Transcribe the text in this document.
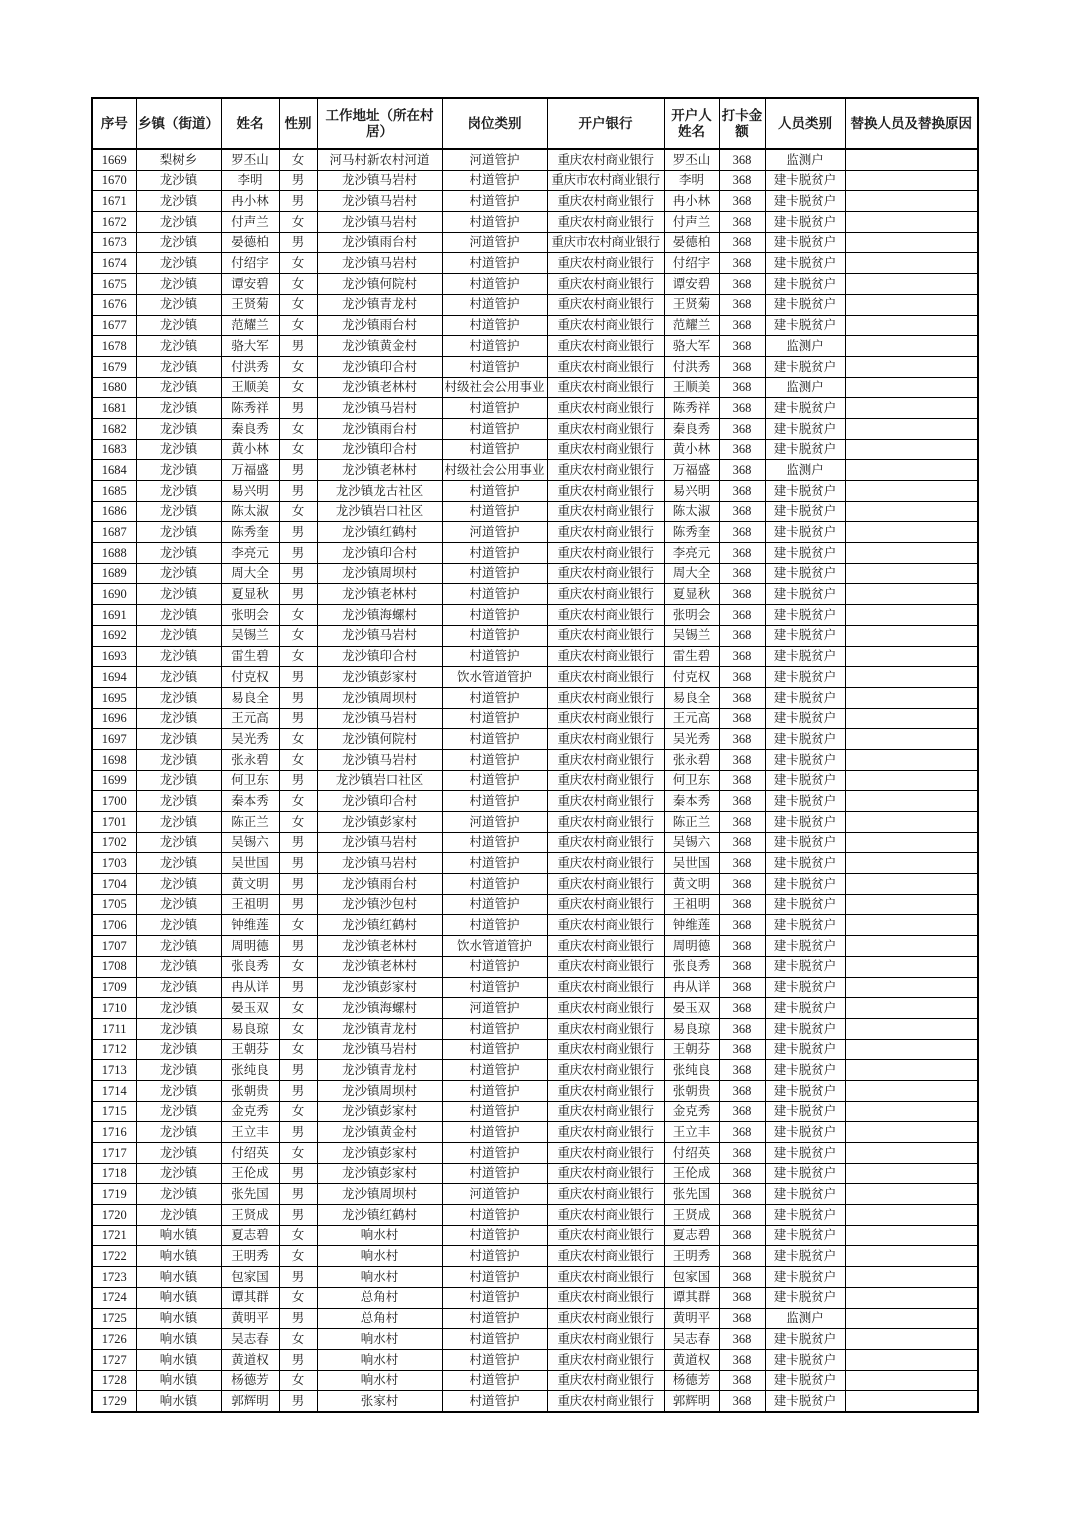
序号	乡镇（街道）	姓名	性别	工作地址（所在村居）	岗位类别	开户银行	开户人姓名	打卡金额	人员类别	替换人员及替换原因
1669	梨树乡	罗丕山	女	河马村新农村河道	河道管护	重庆农村商业银行	罗丕山	368	监测户	
1670	龙沙镇	李明	男	龙沙镇马岩村	村道管护	重庆市农村商业银行	李明	368	建卡脱贫户	
1671	龙沙镇	冉小林	男	龙沙镇马岩村	村道管护	重庆农村商业银行	冉小林	368	建卡脱贫户	
1672	龙沙镇	付声兰	女	龙沙镇马岩村	村道管护	重庆农村商业银行	付声兰	368	建卡脱贫户	
1673	龙沙镇	晏德柏	男	龙沙镇雨台村	河道管护	重庆市农村商业银行	晏德柏	368	建卡脱贫户	
1674	龙沙镇	付绍宇	女	龙沙镇马岩村	村道管护	重庆农村商业银行	付绍宇	368	建卡脱贫户	
1675	龙沙镇	谭安碧	女	龙沙镇何院村	村道管护	重庆农村商业银行	谭安碧	368	建卡脱贫户	
1676	龙沙镇	王贤菊	女	龙沙镇青龙村	村道管护	重庆农村商业银行	王贤菊	368	建卡脱贫户	
1677	龙沙镇	范耀兰	女	龙沙镇雨台村	村道管护	重庆农村商业银行	范耀兰	368	建卡脱贫户	
1678	龙沙镇	骆大军	男	龙沙镇黄金村	村道管护	重庆农村商业银行	骆大军	368	监测户	
1679	龙沙镇	付洪秀	女	龙沙镇印合村	村道管护	重庆农村商业银行	付洪秀	368	建卡脱贫户	
1680	龙沙镇	王顺美	女	龙沙镇老林村	村级社会公用事业	重庆农村商业银行	王顺美	368	监测户	
1681	龙沙镇	陈秀祥	男	龙沙镇马岩村	村道管护	重庆农村商业银行	陈秀祥	368	建卡脱贫户	
1682	龙沙镇	秦良秀	女	龙沙镇雨台村	村道管护	重庆农村商业银行	秦良秀	368	建卡脱贫户	
1683	龙沙镇	黄小林	女	龙沙镇印合村	村道管护	重庆农村商业银行	黄小林	368	建卡脱贫户	
1684	龙沙镇	万福盛	男	龙沙镇老林村	村级社会公用事业	重庆农村商业银行	万福盛	368	监测户	
1685	龙沙镇	易兴明	男	龙沙镇龙古社区	村道管护	重庆农村商业银行	易兴明	368	建卡脱贫户	
1686	龙沙镇	陈太淑	女	龙沙镇岩口社区	村道管护	重庆农村商业银行	陈太淑	368	建卡脱贫户	
1687	龙沙镇	陈秀奎	男	龙沙镇红鹤村	河道管护	重庆农村商业银行	陈秀奎	368	建卡脱贫户	
1688	龙沙镇	李亮元	男	龙沙镇印合村	村道管护	重庆农村商业银行	李亮元	368	建卡脱贫户	
1689	龙沙镇	周大全	男	龙沙镇周坝村	村道管护	重庆农村商业银行	周大全	368	建卡脱贫户	
1690	龙沙镇	夏显秋	男	龙沙镇老林村	村道管护	重庆农村商业银行	夏显秋	368	建卡脱贫户	
1691	龙沙镇	张明会	女	龙沙镇海螺村	村道管护	重庆农村商业银行	张明会	368	建卡脱贫户	
1692	龙沙镇	吴锡兰	女	龙沙镇马岩村	村道管护	重庆农村商业银行	吴锡兰	368	建卡脱贫户	
1693	龙沙镇	雷生碧	女	龙沙镇印合村	村道管护	重庆农村商业银行	雷生碧	368	建卡脱贫户	
1694	龙沙镇	付克权	男	龙沙镇彭家村	饮水管道管护	重庆农村商业银行	付克权	368	建卡脱贫户	
1695	龙沙镇	易良全	男	龙沙镇周坝村	村道管护	重庆农村商业银行	易良全	368	建卡脱贫户	
1696	龙沙镇	王元高	男	龙沙镇马岩村	村道管护	重庆农村商业银行	王元高	368	建卡脱贫户	
1697	龙沙镇	吴光秀	女	龙沙镇何院村	村道管护	重庆农村商业银行	吴光秀	368	建卡脱贫户	
1698	龙沙镇	张永碧	女	龙沙镇马岩村	村道管护	重庆农村商业银行	张永碧	368	建卡脱贫户	
1699	龙沙镇	何卫东	男	龙沙镇岩口社区	村道管护	重庆农村商业银行	何卫东	368	建卡脱贫户	
1700	龙沙镇	秦本秀	女	龙沙镇印合村	村道管护	重庆农村商业银行	秦本秀	368	建卡脱贫户	
1701	龙沙镇	陈正兰	女	龙沙镇彭家村	河道管护	重庆农村商业银行	陈正兰	368	建卡脱贫户	
1702	龙沙镇	吴锡六	男	龙沙镇马岩村	村道管护	重庆农村商业银行	吴锡六	368	建卡脱贫户	
1703	龙沙镇	吴世国	男	龙沙镇马岩村	村道管护	重庆农村商业银行	吴世国	368	建卡脱贫户	
1704	龙沙镇	黄文明	男	龙沙镇雨台村	村道管护	重庆农村商业银行	黄文明	368	建卡脱贫户	
1705	龙沙镇	王祖明	男	龙沙镇沙包村	村道管护	重庆农村商业银行	王祖明	368	建卡脱贫户	
1706	龙沙镇	钟维莲	女	龙沙镇红鹤村	村道管护	重庆农村商业银行	钟维莲	368	建卡脱贫户	
1707	龙沙镇	周明德	男	龙沙镇老林村	饮水管道管护	重庆农村商业银行	周明德	368	建卡脱贫户	
1708	龙沙镇	张良秀	女	龙沙镇老林村	村道管护	重庆农村商业银行	张良秀	368	建卡脱贫户	
1709	龙沙镇	冉从详	男	龙沙镇彭家村	村道管护	重庆农村商业银行	冉从详	368	建卡脱贫户	
1710	龙沙镇	晏玉双	女	龙沙镇海螺村	河道管护	重庆农村商业银行	晏玉双	368	建卡脱贫户	
1711	龙沙镇	易良琼	女	龙沙镇青龙村	村道管护	重庆农村商业银行	易良琼	368	建卡脱贫户	
1712	龙沙镇	王朝芬	女	龙沙镇马岩村	村道管护	重庆农村商业银行	王朝芬	368	建卡脱贫户	
1713	龙沙镇	张纯良	男	龙沙镇青龙村	村道管护	重庆农村商业银行	张纯良	368	建卡脱贫户	
1714	龙沙镇	张朝贵	男	龙沙镇周坝村	村道管护	重庆农村商业银行	张朝贵	368	建卡脱贫户	
1715	龙沙镇	金克秀	女	龙沙镇彭家村	村道管护	重庆农村商业银行	金克秀	368	建卡脱贫户	
1716	龙沙镇	王立丰	男	龙沙镇黄金村	村道管护	重庆农村商业银行	王立丰	368	建卡脱贫户	
1717	龙沙镇	付绍英	女	龙沙镇彭家村	村道管护	重庆农村商业银行	付绍英	368	建卡脱贫户	
1718	龙沙镇	王伦成	男	龙沙镇彭家村	村道管护	重庆农村商业银行	王伦成	368	建卡脱贫户	
1719	龙沙镇	张先国	男	龙沙镇周坝村	河道管护	重庆农村商业银行	张先国	368	建卡脱贫户	
1720	龙沙镇	王贤成	男	龙沙镇红鹤村	村道管护	重庆农村商业银行	王贤成	368	建卡脱贫户	
1721	响水镇	夏志碧	女	响水村	村道管护	重庆农村商业银行	夏志碧	368	建卡脱贫户	
1722	响水镇	王明秀	女	响水村	村道管护	重庆农村商业银行	王明秀	368	建卡脱贫户	
1723	响水镇	包家国	男	响水村	村道管护	重庆农村商业银行	包家国	368	建卡脱贫户	
1724	响水镇	谭其群	女	总角村	村道管护	重庆农村商业银行	谭其群	368	建卡脱贫户	
1725	响水镇	黄明平	男	总角村	村道管护	重庆农村商业银行	黄明平	368	监测户	
1726	响水镇	吴志春	女	响水村	村道管护	重庆农村商业银行	吴志春	368	建卡脱贫户	
1727	响水镇	黄道权	男	响水村	村道管护	重庆农村商业银行	黄道权	368	建卡脱贫户	
1728	响水镇	杨德芳	女	响水村	村道管护	重庆农村商业银行	杨德芳	368	建卡脱贫户	
1729	响水镇	郭辉明	男	张家村	村道管护	重庆农村商业银行	郭辉明	368	建卡脱贫户	
